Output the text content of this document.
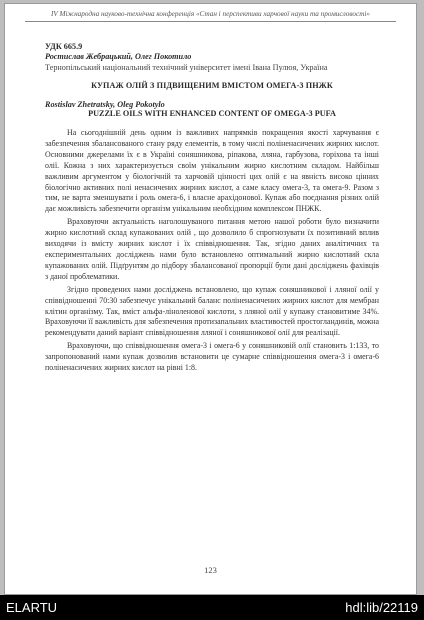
IV Міжнародна науково-технічна конференція «Стан і перспективи харчової науки та промисловості»
УДК 665.9
Ростислав Жебрацький, Олег Покотило
Тернопільський національний технічний університет імені Івана Пулюя, Україна
КУПАЖ ОЛІЙ З ПІДВИЩЕНИМ ВМІСТОМ ОМЕГА-3 ПНЖК
Rostislav Zhetratsky, Oleg Pokotylo
PUZZLE OILS WITH ENHANCED CONTENT OF OMEGA-3 PUFA

На сьогоднішній день одним із важливих напрямків покращення якості харчування є забезпечення збалансованого стану ряду елементів, в тому числі поліненасичених жирних кислот. Основними джерелами їх є в Україні соняшникова, ріпакова, лляна, гарбузова, горіхова та інші олії. Кожна з них характеризується своїм унікальним жирно кислотним складом. Найбільш важливим аргументом у біологічній та харчовій цінності цих олій є на явність високо цінних біологічно активних полі ненасичених жирних кислот, а саме класу омега-3, та омега-9. Разом з тим, не варта зменшувати і роль омега-6, і власне арахідонової. Купаж або поєднання різних олій дає можливість забезпечити організм унікальним необхідним комплексом ПНЖК.

Враховуючи актуальність наголошуваного питання метою нашої роботи було визначити жирно кислотний склад купажованих олій , що дозволило б спрогнозувати їх позитивний вплив виходячи із вмісту жирних кислот і їх співвідношення. Так, згідно даних аналітичних та експериментальних досліджень нами було встановлено оптимальний жирно кислотний скла купажованих олій. Підґрунтям до підбору збалансованої пропорції були дані досліджень фахівців з даної проблематики.

Згідно проведених нами досліджень встановлено, що купаж соняшникової і лляної олії у співвідношенні 70:30 забезпечує унікальний баланс поліненасичених жирних кислот для мембран клітин організму. Так, вміст альфа-ліноленової кислоти, з лляної олії у купажу становитиме 34%. Враховуючи її важливість для забезпечення протизапальних властивостей простогландинів, можна рекомендувати даний варіант співвідношення лляної і соняшникової олії для реалізації.

Враховуючи, що співвідношення омега-3 і омега-6 у соняшниковій олії становить 1:133, то запропонований нами купаж дозволив встановити це сумарне співвідношення омега-3 і омега-6 поліненасичених жирних кислот на рівні 1:8.

123
ELARTU	hdl:lib/22119
